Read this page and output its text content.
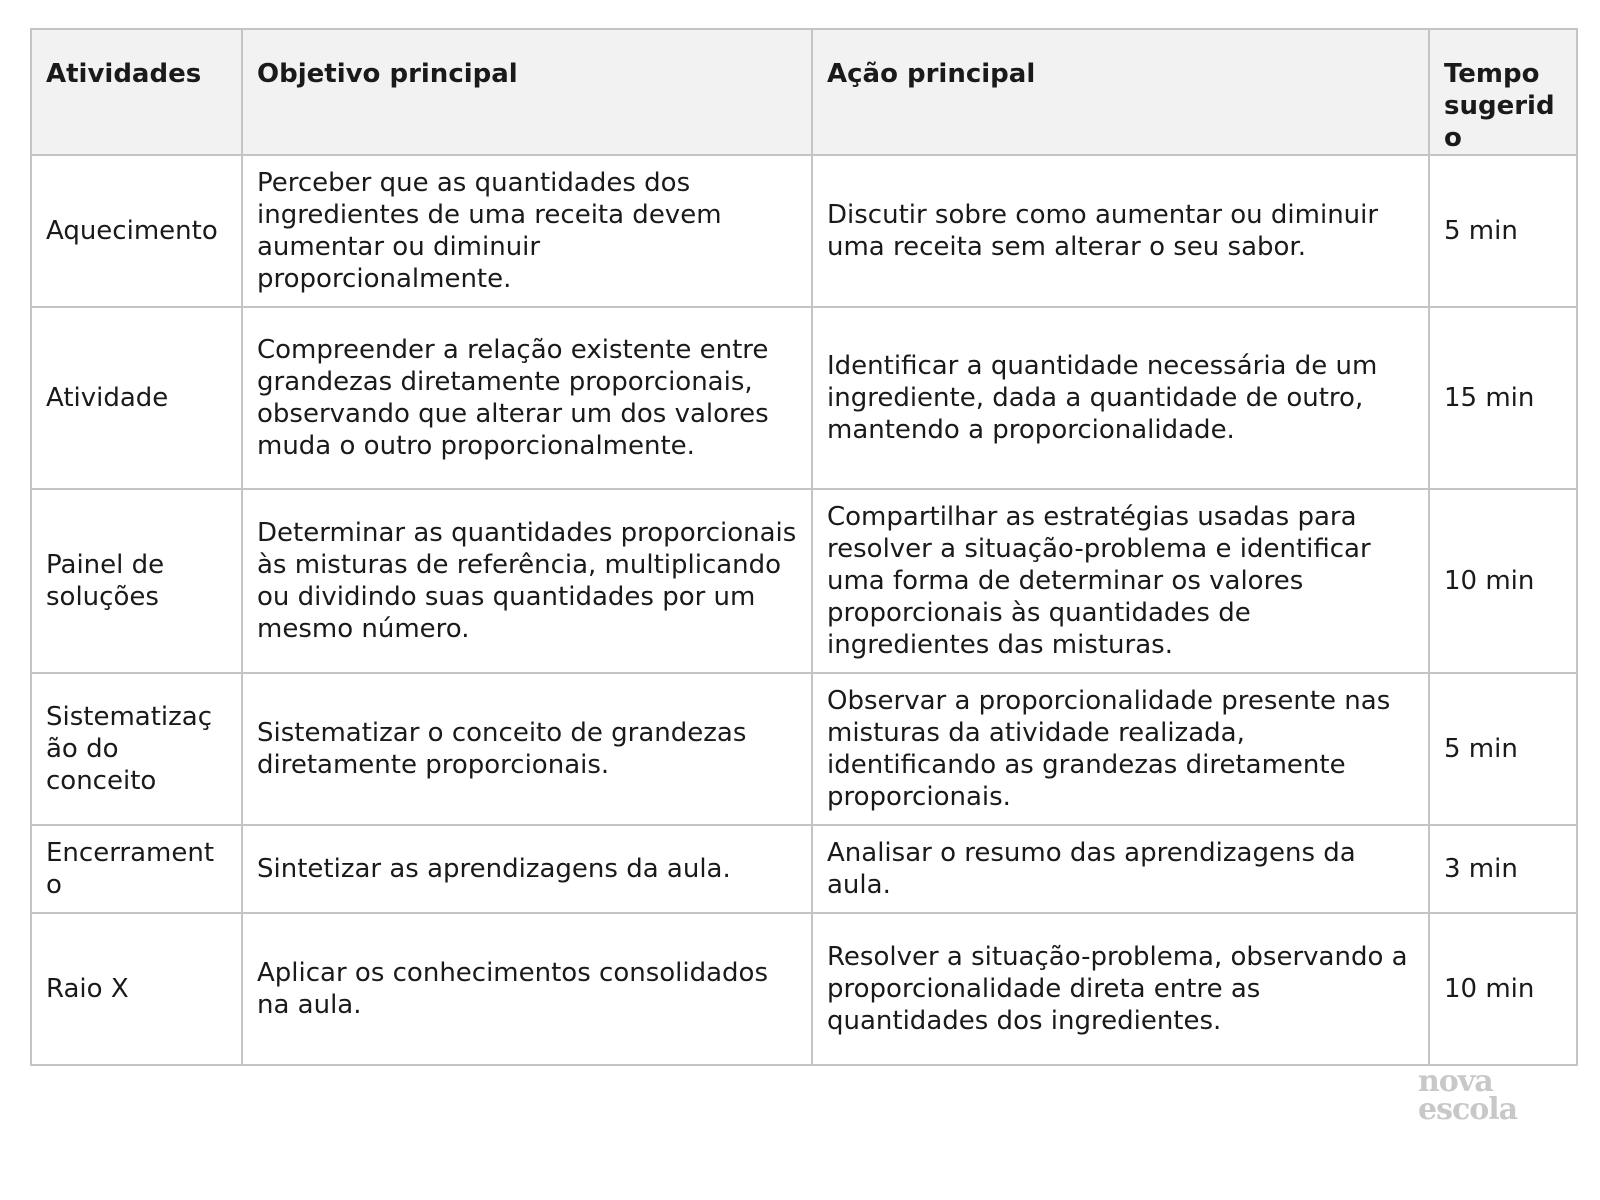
Atividades	Objetivo principal	Ação principal	Tempo sugerido
Aquecimento	Perceber que as quantidades dos ingredientes de uma receita devem aumentar ou diminuir proporcionalmente.	Discutir sobre como aumentar ou diminuir uma receita sem alterar o seu sabor.	5 min
Atividade	Compreender a relação existente entre grandezas diretamente proporcionais, observando que alterar um dos valores muda o outro proporcionalmente.	Identificar a quantidade necessária de um ingrediente, dada a quantidade de outro, mantendo a proporcionalidade.	15 min
Painel de soluções	Determinar as quantidades proporcionais às misturas de referência, multiplicando ou dividindo suas quantidades por um mesmo número.	Compartilhar as estratégias usadas para resolver a situação-problema e identificar uma forma de determinar os valores proporcionais às quantidades de ingredientes das misturas.	10 min
Sistematização do conceito	Sistematizar o conceito de grandezas diretamente proporcionais.	Observar a proporcionalidade presente nas misturas da atividade realizada, identificando as grandezas diretamente proporcionais.	5 min
Encerramento	Sintetizar as aprendizagens da aula.	Analisar o resumo das aprendizagens da aula.	3 min
Raio X	Aplicar os conhecimentos consolidados na aula.	Resolver a situação-problema, observando a proporcionalidade direta entre as quantidades dos ingredientes.	10 min
nova
escola
